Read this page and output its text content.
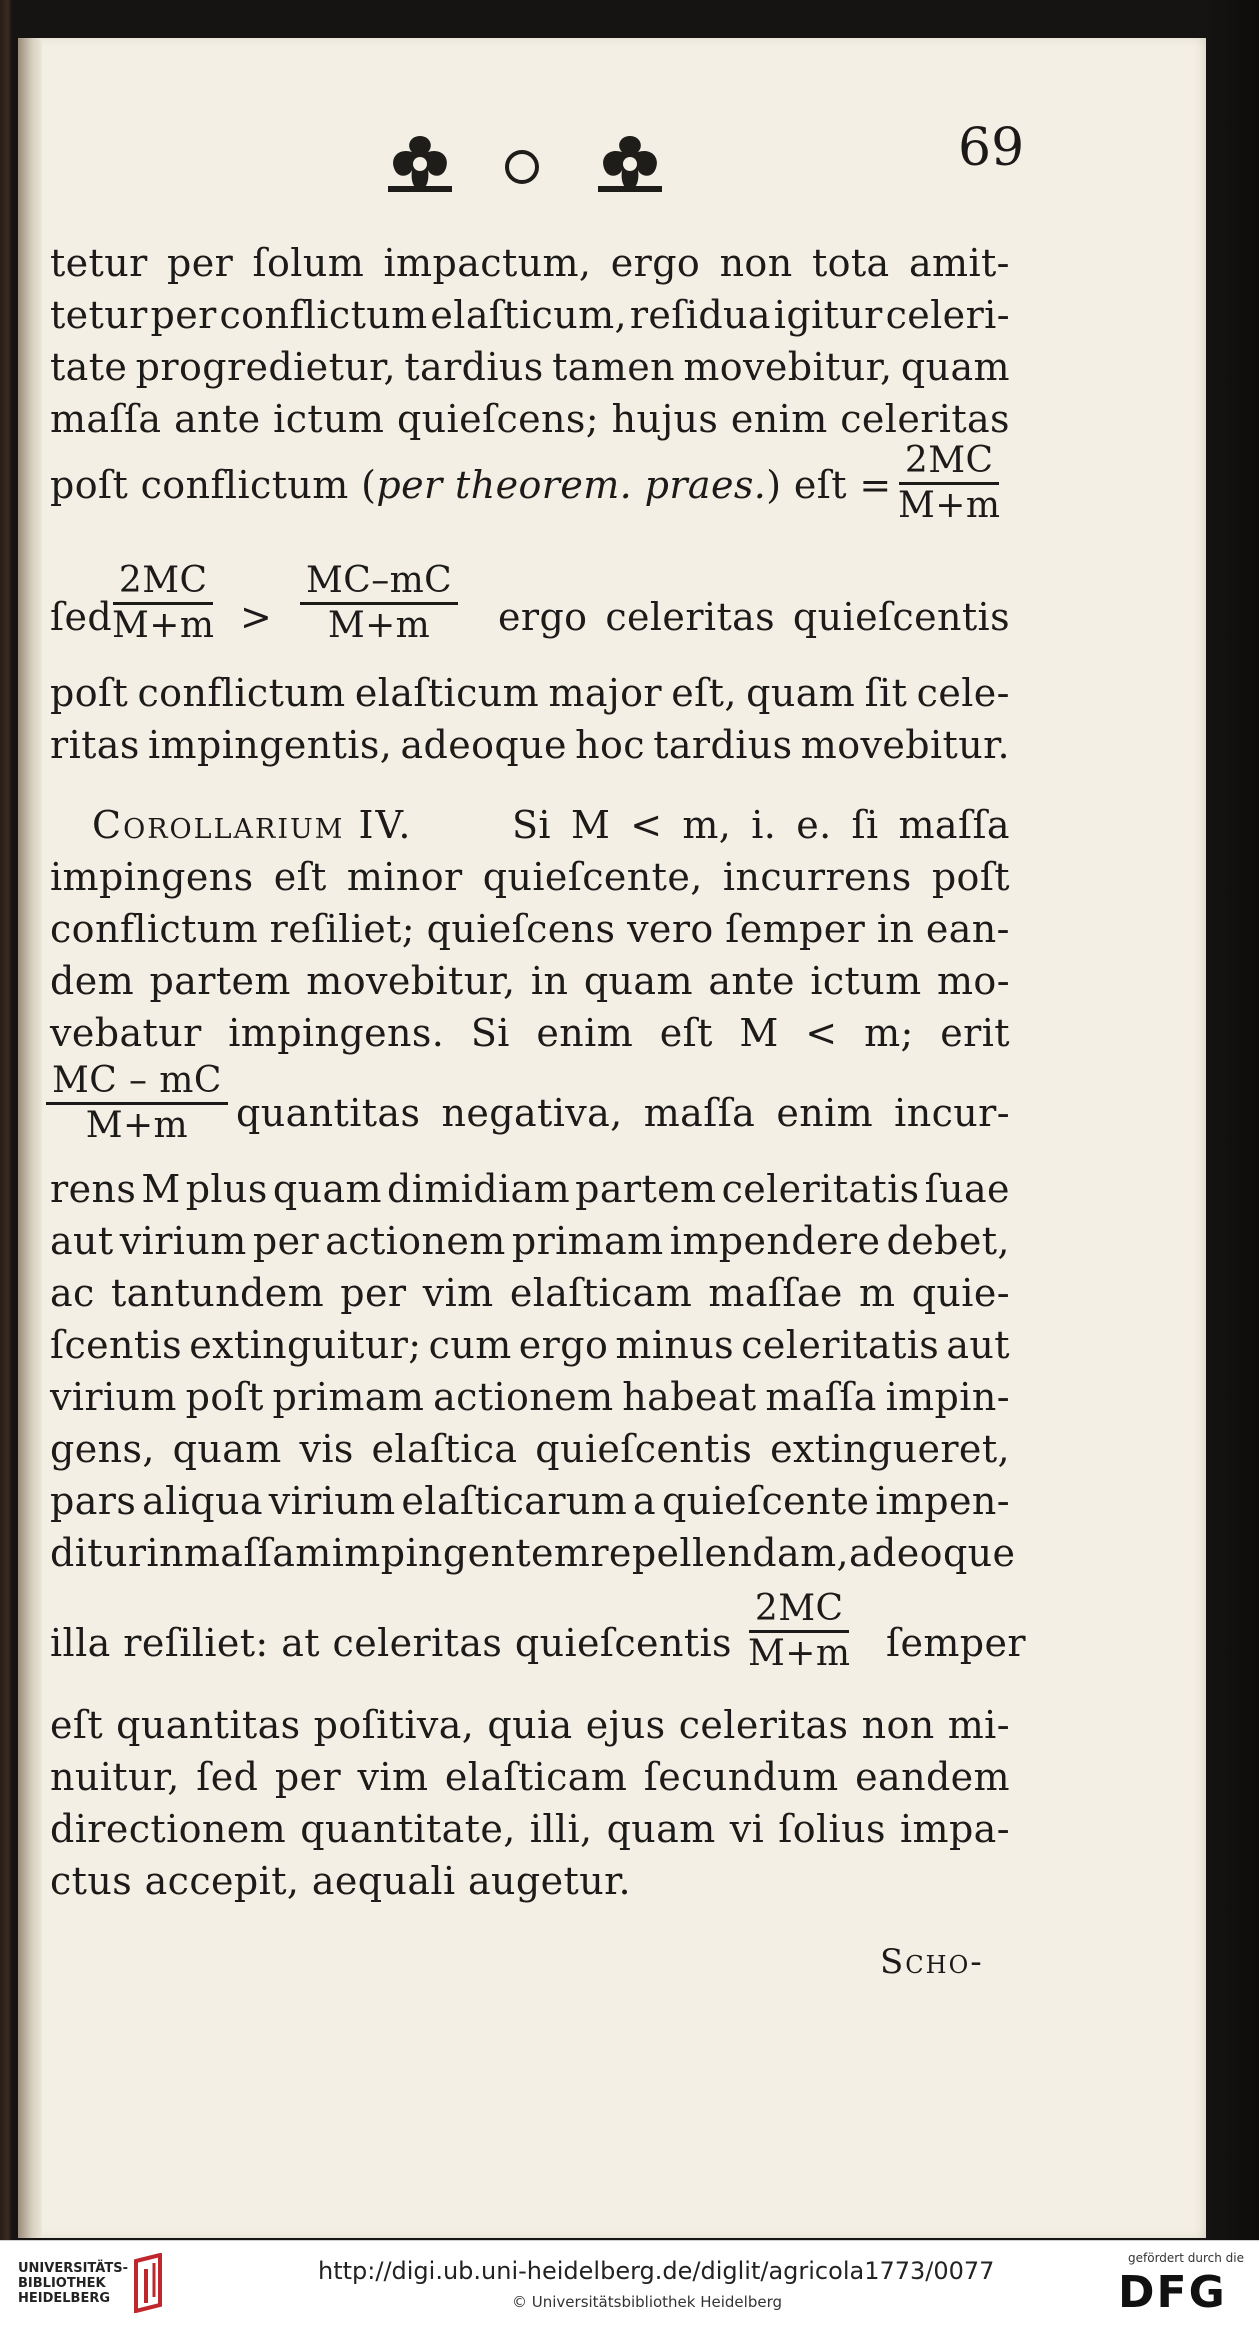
69
tetur per ſolum impactum, ergo non tota amit-
tetur per conflictum elaſticum, reſidua igitur celeri-
tate progredietur, tardius tamen movebitur, quam
maſſa ante ictum quieſcens; hujus enim celeritas
poſt conflictum (per theorem. praes.) eſt = $\frac{2MC}{M+m}$
ſed
$\frac{2MC}{M+m} > \frac{MC-mC}{M+m}$ ergo celeritas quieſcentis
poſt conflictum elaſticum major eſt, quam ſit cele-
ritas impingentis, adeoque hoc tardius movebitur.
Corollarium IV.	Si M < m, i. e. ſi maſſa
impingens eſt minor quieſcente, incurrens poſt
conflictum reſiliet; quieſcens vero ſemper in ean-
dem partem movebitur, in quam ante ictum mo-
vebatur impingens. Si enim eſt M < m; erit
$\frac{MC - mC}{M+m}$ quantitas negativa, maſſa enim incur-
rens M plus quam dimidiam partem celeritatis ſuae
aut virium per actionem primam impendere debet,
ac tantundem per vim elaſticam maſſae m quie-
ſcentis extinguitur; cum ergo minus celeritatis aut
virium poſt primam actionem habeat maſſa impin-
gens, quam vis elaſtica quieſcentis extingueret,
pars aliqua virium elaſticarum a quieſcente impen-
ditur in maſſam impingentem repellendam, adeoque
illa reſiliet: at celeritas quieſcentis $\frac{2MC}{M+m}$ ſemper
eſt quantitas poſitiva, quia ejus celeritas non mi-
nuitur, ſed per vim elaſticam ſecundum eandem
directionem quantitate, illi, quam vi ſolius impa-
ctus accepit, aequali augetur.
Scho-
UNIVERSITÄTS-
BIBLIOTHEK
HEIDELBERG
http://digi.ub.uni-heidelberg.de/diglit/agricola1773/0077
© Universitätsbibliothek Heidelberg
gefördert durch die
DFG
